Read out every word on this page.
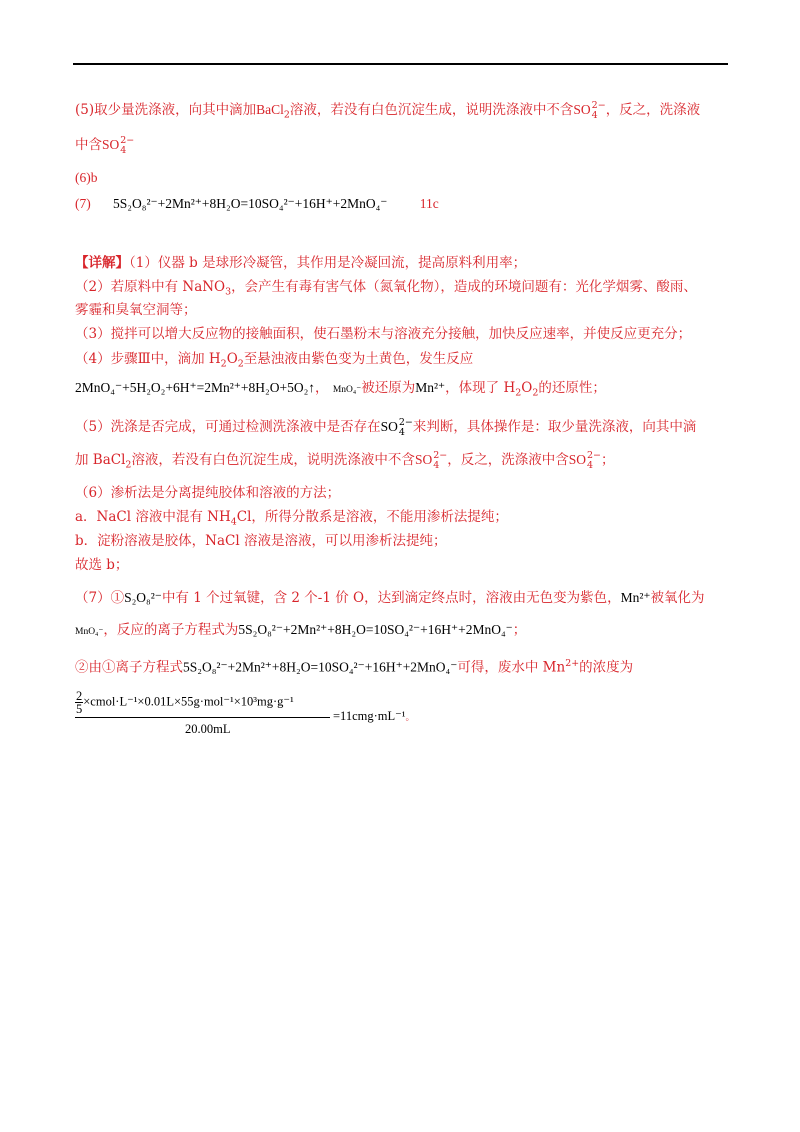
(5)取少量洗涤液，向其中滴加BaCl$_2$溶液，若没有白色沉淀生成，说明洗涤液中不含SO 2−
4 ，反之，洗涤液
中含SO 2−
4
(6)b
(7) 5S₂O₈²⁻+2Mn²⁺+8H₂O=10SO₄²⁻+16H⁺+2MnO₄⁻ 11c
【详解】（1）仪器 b 是球形冷凝管，其作用是冷凝回流，提高原料利用率；
（2）若原料中有 NaNO$_3$，会产生有毒有害气体（氮氧化物），造成的环境问题有：光化学烟雾、酸雨、
雾霾和臭氧空洞等；
（3）搅拌可以增大反应物的接触面积，使石墨粉末与溶液充分接触，加快反应速率，并使反应更充分；
（4）步骤Ⅲ中，滴加 $H_2O_2$至悬浊液由紫色变为土黄色，发生反应
2MnO₄⁻+5H₂O₂+6H⁺=2Mn²⁺+8H₂O+5O₂↑， MnO₄⁻被还原为Mn²⁺，体现了 $H_2O_2$的还原性；
（5）洗涤是否完成，可通过检测洗涤液中是否存在SO 2−
4 来判断，具体操作是：取少量洗涤液，向其中滴
加 BaCl$_2$溶液，若没有白色沉淀生成，说明洗涤液中不含SO 2−
4 ，反之，洗涤液中含SO 2−
4 ；
（6）渗析法是分离提纯胶体和溶液的方法；
a．NaCl 溶液中混有 $NH_4Cl$，所得分散系是溶液，不能用渗析法提纯；
b．淀粉溶液是胶体，NaCl 溶液是溶液，可以用渗析法提纯；
故选 b；
（7）①S₂O₈²⁻中有 1 个过氧键，含 2 个-1 价 O，达到滴定终点时，溶液由无色变为紫色，Mn²⁺被氧化为
MnO₄⁻，反应的离子方程式为5S₂O₈²⁻+2Mn²⁺+8H₂O=10SO₄²⁻+16H⁺+2MnO₄⁻；
②由①离子方程式5S₂O₈²⁻+2Mn²⁺+8H₂O=10SO₄²⁻+16H⁺+2MnO₄⁻可得，废水中 $Mn^{2+}$的浓度为
$\frac{2}{5}$ ×cmol·L⁻¹×0.01L×55g·mol⁻¹×10³mg·g⁻¹
20.00mL
=11cmg·mL⁻¹。
